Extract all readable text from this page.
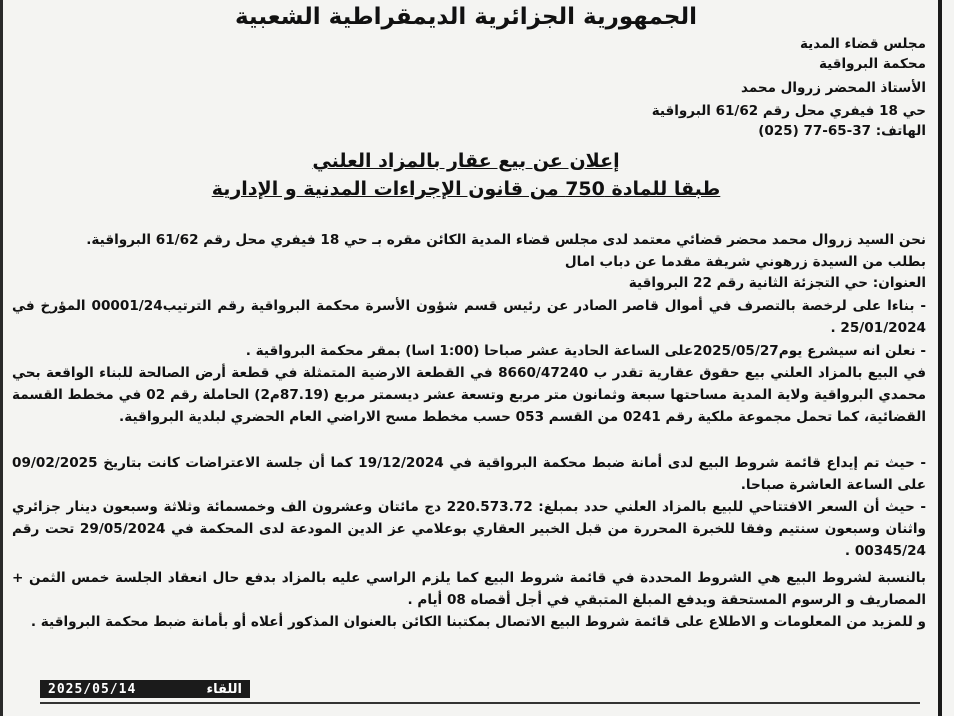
الجمهورية الجزائرية الديمقراطية الشعبية
مجلس قضاء المدية
محكمة البرواقية
الأستاذ المحضر زروال محمد
حي 18 فيفري محل رقم 61/62 البرواقية
الهاتف: 37-65-77 (025)
إعلان عن بيع عقار بالمزاد العلني
طبقا للمادة 750 من قانون الإجراءات المدنية و الإدارية
نحن السيد زروال محمد محضر قضائي معتمد لدى مجلس قضاء المدية الكائن مقره بـ حي 18 فيفري محل رقم 61/62 البرواقية.
بطلب من السيدة زرهوني شريفة مقدما عن دباب امال
العنوان: حي التجزئة الثانية رقم 22 البرواقية
- بناءا على لرخصة بالتصرف في أموال قاصر الصادر عن رئيس قسم شؤون الأسرة محكمة البرواقية رقم الترتيب00001/24 المؤرخ في 25/01/2024 .
- نعلن انه سيشرع يوم2025/05/27على الساعة الحادية عشر صباحا (1:00 اسا) بمقر محكمة البرواقية .
في البيع بالمزاد العلني بيع حقوق عقارية تقدر ب 8660/47240 في القطعة الارضية المتمثلة في قطعة أرض الصالحة للبناء الواقعة بحي محمدي البرواقية ولاية المدية مساحتها سبعة وثمانون متر مربع وتسعة عشر ديسمتر مربع (87.19م2) الحاملة رقم 02 في مخطط القسمة القضائية، كما تحمل مجموعة ملكية رقم 0241 من القسم 053 حسب مخطط مسح الاراضي العام الحضري لبلدية البرواقية.
- حيث تم إيداع قائمة شروط البيع لدى أمانة ضبط محكمة البرواقية في 19/12/2024 كما أن جلسة الاعتراضات كانت بتاريخ 09/02/2025 على الساعة العاشرة صباحا.
- حيث أن السعر الافتتاحي للبيع بالمزاد العلني حدد بمبلغ: 220.573.72 دج مائتان وعشرون الف وخمسمائة وثلاثة وسبعون دينار جزائري واثنان وسبعون سنتيم وفقا للخبرة المحررة من قبل الخبير العقاري بوعلامي عز الدين المودعة لدى المحكمة في 29/05/2024 تحت رقم 00345/24 .
بالنسبة لشروط البيع هي الشروط المحددة في قائمة شروط البيع كما يلزم الراسي عليه بالمزاد بدفع حال انعقاد الجلسة خمس الثمن + المصاريف و الرسوم المستحقة ويدفع المبلغ المتبقي في أجل أقصاه 08 أيام .
و للمزيد من المعلومات و الاطلاع على قائمة شروط البيع الاتصال بمكتبنا الكائن بالعنوان المذكور أعلاه أو بأمانة ضبط محكمة البرواقية .
2025/05/14	اللقاء
